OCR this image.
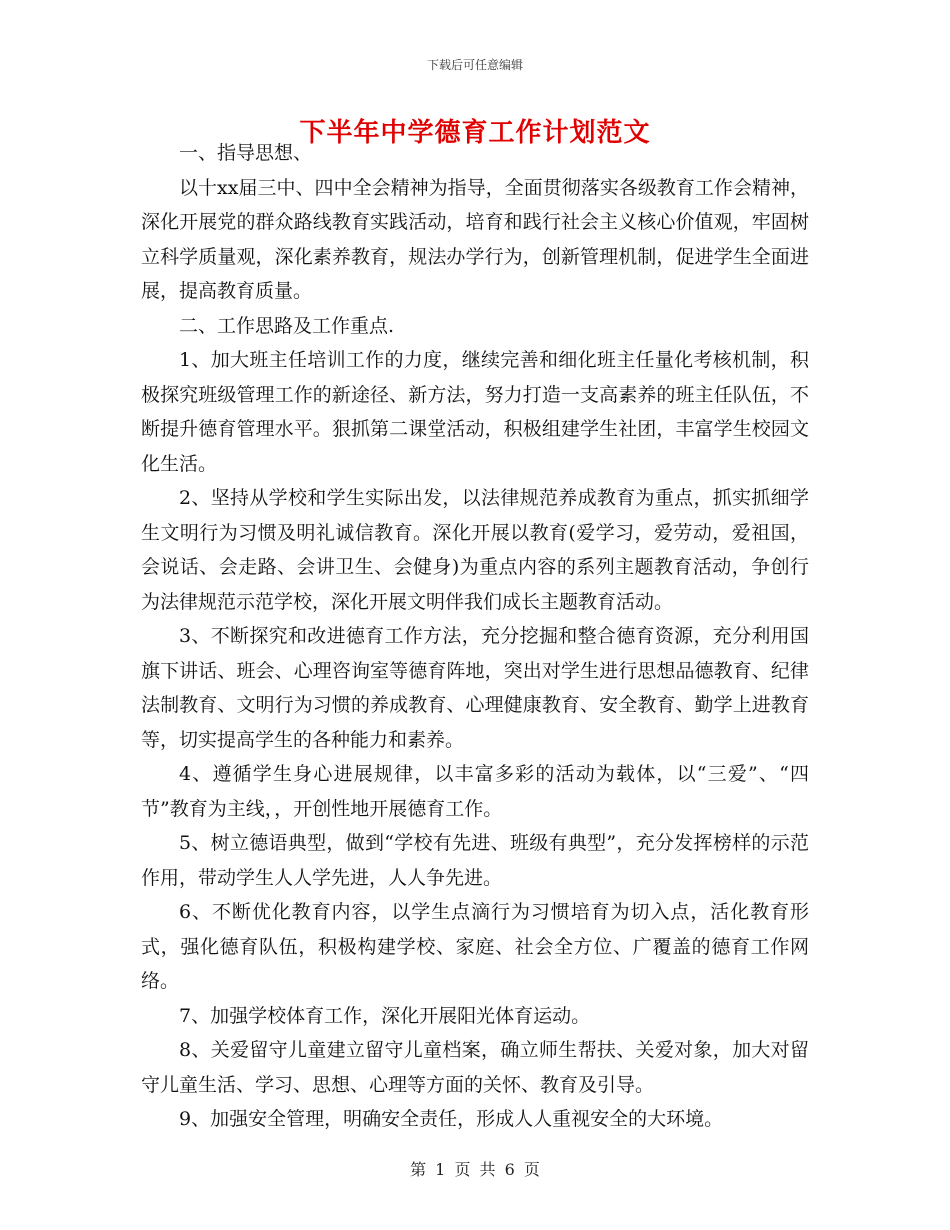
下载后可任意编辑
下半年中学德育工作计划范文

一、指导思想、

以十xx届三中、四中全会精神为指导，全面贯彻落实各级教育工作会精神，深化开展党的群众路线教育实践活动，培育和践行社会主义核心价值观，牢固树立科学质量观，深化素养教育，规法办学行为，创新管理机制，促进学生全面进展，提高教育质量。

二、工作思路及工作重点.

1、加大班主任培训工作的力度，继续完善和细化班主任量化考核机制，积极探究班级管理工作的新途径、新方法，努力打造一支高素养的班主任队伍，不断提升德育管理水平。狠抓第二课堂活动，积极组建学生社团，丰富学生校园文化生活。

2、坚持从学校和学生实际出发，以法律规范养成教育为重点，抓实抓细学生文明行为习惯及明礼诚信教育。深化开展以教育(爱学习，爱劳动，爱祖国，会说话、会走路、会讲卫生、会健身)为重点内容的系列主题教育活动，争创行为法律规范示范学校，深化开展文明伴我们成长主题教育活动。

3、不断探究和改进德育工作方法，充分挖掘和整合德育资源，充分利用国旗下讲话、班会、心理咨询室等德育阵地，突出对学生进行思想品德教育、纪律法制教育、文明行为习惯的养成教育、心理健康教育、安全教育、勤学上进教育等，切实提高学生的各种能力和素养。

4、遵循学生身心进展规律，以丰富多彩的活动为载体，以“三爱”、“四节”教育为主线，，开创性地开展德育工作。

5、树立德语典型，做到“学校有先进、班级有典型”，充分发挥榜样的示范作用，带动学生人人学先进，人人争先进。

6、不断优化教育内容，以学生点滴行为习惯培育为切入点，活化教育形式，强化德育队伍，积极构建学校、家庭、社会全方位、广覆盖的德育工作网络。

7、加强学校体育工作，深化开展阳光体育运动。

8、关爱留守儿童建立留守儿童档案，确立师生帮扶、关爱对象，加大对留守儿童生活、学习、思想、心理等方面的关怀、教育及引导。

9、加强安全管理，明确安全责任，形成人人重视安全的大环境。

第 1 页 共 6 页
